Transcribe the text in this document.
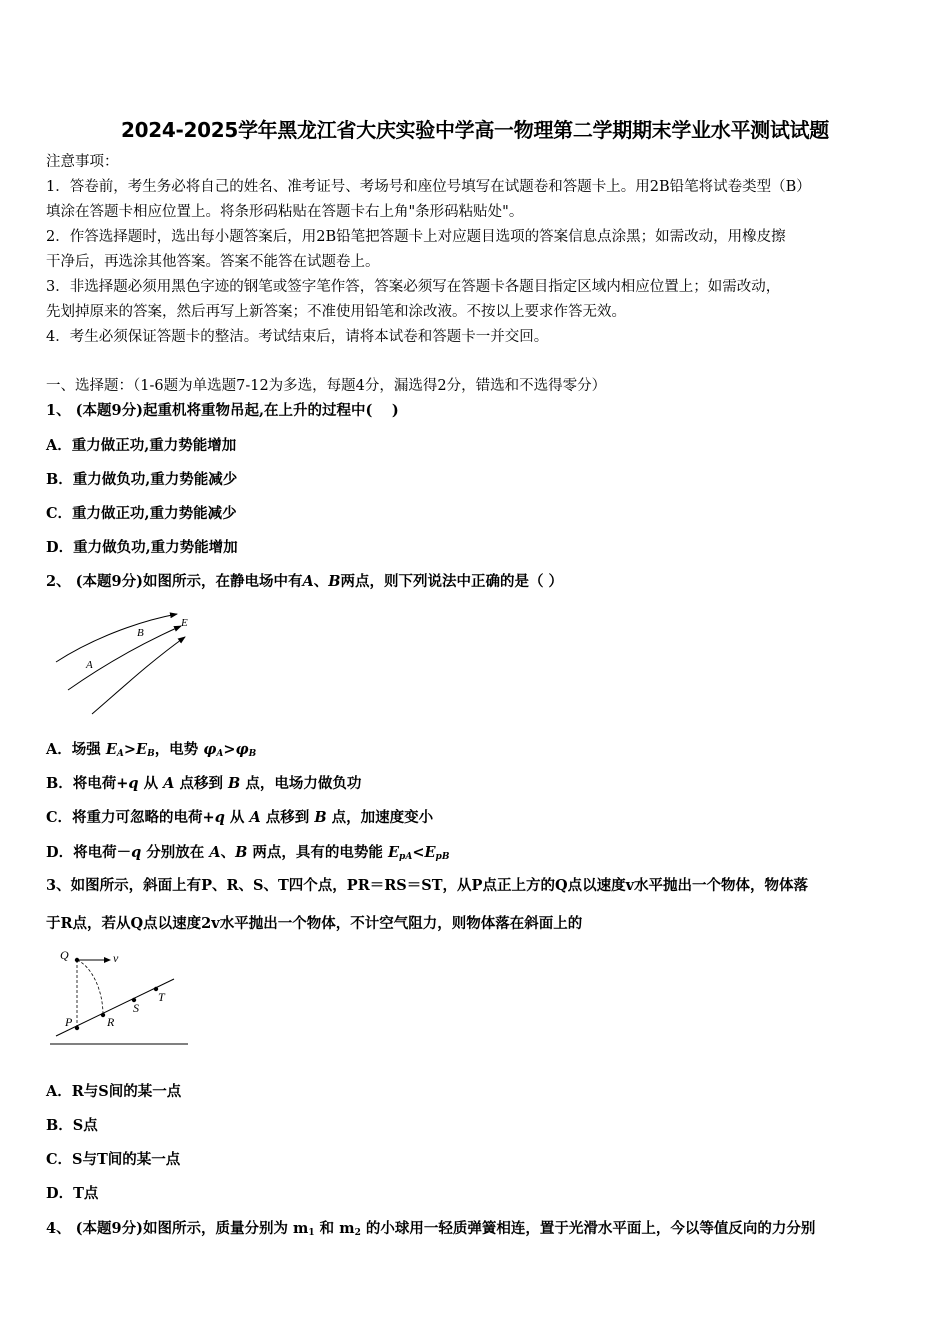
2024-2025学年黑龙江省大庆实验中学高一物理第二学期期末学业水平测试试题
注意事项：
1．答卷前，考生务必将自己的姓名、准考证号、考场号和座位号填写在试题卷和答题卡上。用2B铅笔将试卷类型（B）
填涂在答题卡相应位置上。将条形码粘贴在答题卡右上角"条形码粘贴处"。
2．作答选择题时，选出每小题答案后，用2B铅笔把答题卡上对应题目选项的答案信息点涂黑；如需改动，用橡皮擦
干净后，再选涂其他答案。答案不能答在试题卷上。
3．非选择题必须用黑色字迹的钢笔或签字笔作答，答案必须写在答题卡各题目指定区域内相应位置上；如需改动，
先划掉原来的答案，然后再写上新答案；不准使用铅笔和涂改液。不按以上要求作答无效。
4．考生必须保证答题卡的整洁。考试结束后，请将本试卷和答题卡一并交回。
一、选择题：（1-6题为单选题7-12为多选，每题4分，漏选得2分，错选和不选得零分）
1、 (本题9分)起重机将重物吊起,在上升的过程中(　 )
A．重力做正功,重力势能增加
B．重力做负功,重力势能减少
C．重力做正功,重力势能减少
D．重力做负功,重力势能增加
2、 (本题9分)如图所示，在静电场中有A、B两点，则下列说法中正确的是（ ）
A
B
E
A．场强 $E_A>E_B$，电势 $\varphi_A>\varphi_B$
B．将电荷+q 从 A 点移到 B 点，电场力做负功
C．将重力可忽略的电荷+q 从 A 点移到 B 点，加速度变小
D．将电荷－q 分别放在 A、B 两点，具有的电势能 $E_{pA}<E_{pB}$
3、如图所示，斜面上有P、R、S、T四个点，PR＝RS＝ST，从P点正上方的Q点以速度v水平抛出一个物体，物体落
于R点，若从Q点以速度2v水平抛出一个物体，不计空气阻力，则物体落在斜面上的
Q	v
P	R
S
T
A．R与S间的某一点
B．S点
C．S与T间的某一点
D．T点
4、 (本题9分)如图所示，质量分别为 $m_1$ 和 $m_2$ 的小球用一轻质弹簧相连，置于光滑水平面上，今以等值反向的力分别
